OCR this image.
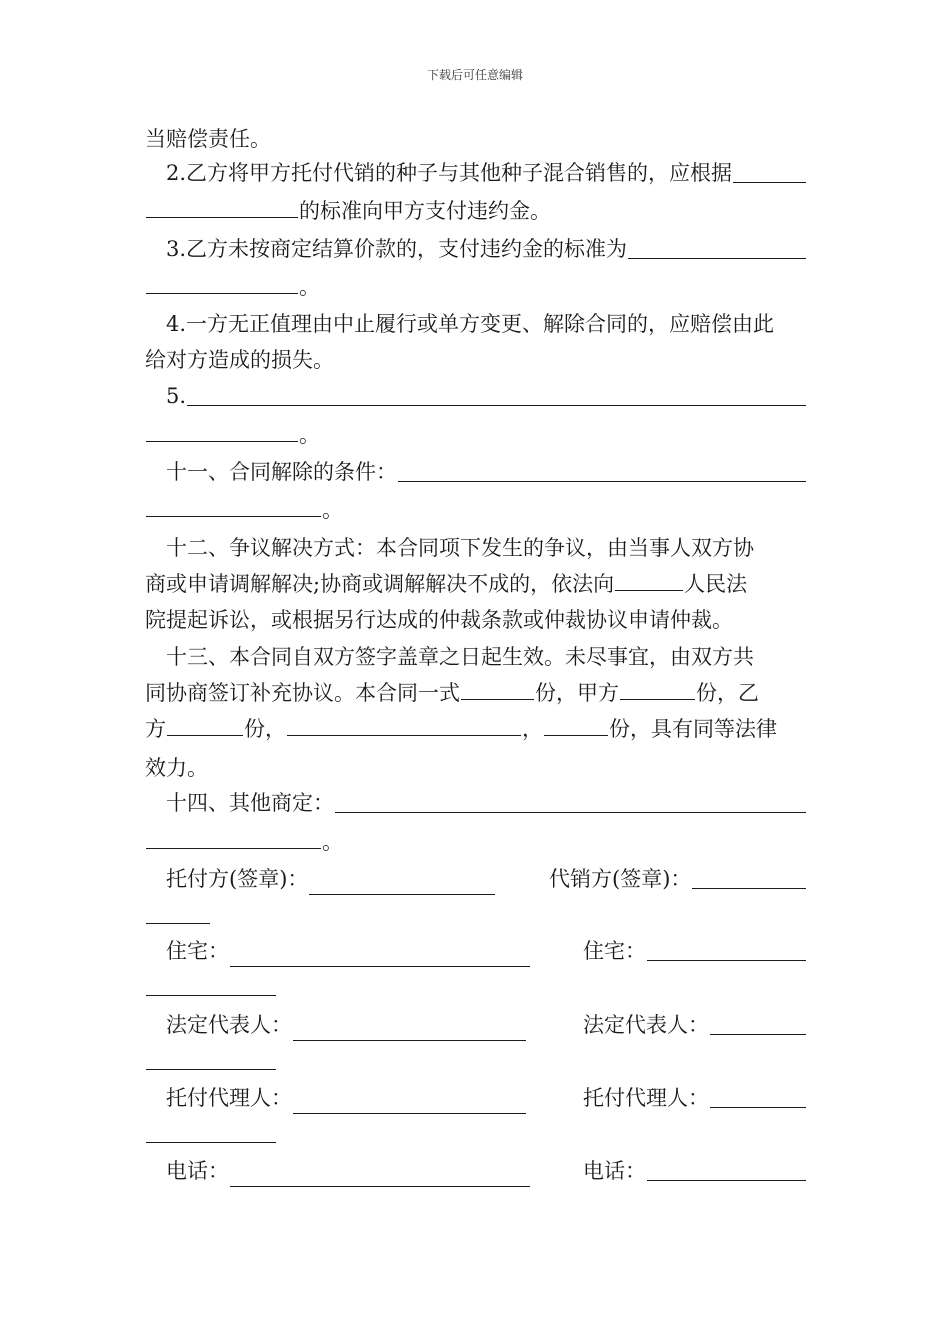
下载后可任意编辑
当赔偿责任。
2.乙方将甲方托付代销的种子与其他种子混合销售的，应根据
的标准向甲方支付违约金。
3.乙方未按商定结算价款的，支付违约金的标准为
。
4.一方无正值理由中止履行或单方变更、解除合同的，应赔偿由此
给对方造成的损失。
5.
。
十一、合同解除的条件：
。
十二、争议解决方式：本合同项下发生的争议，由当事人双方协
商或申请调解解决;协商或调解解决不成的，依法向	人民法
院提起诉讼，或根据另行达成的仲裁条款或仲裁协议申请仲裁。
十三、本合同自双方签字盖章之日起生效。未尽事宜，由双方共
同协商签订补充协议。本合同一式	份，甲方	份，乙
方	份，	，	份，具有同等法律
效力。
十四、其他商定：
。
托付方(签章)：	代销方(签章)：
住宅：	住宅：
法定代表人：	法定代表人：
托付代理人：	托付代理人：
电话：	电话：
